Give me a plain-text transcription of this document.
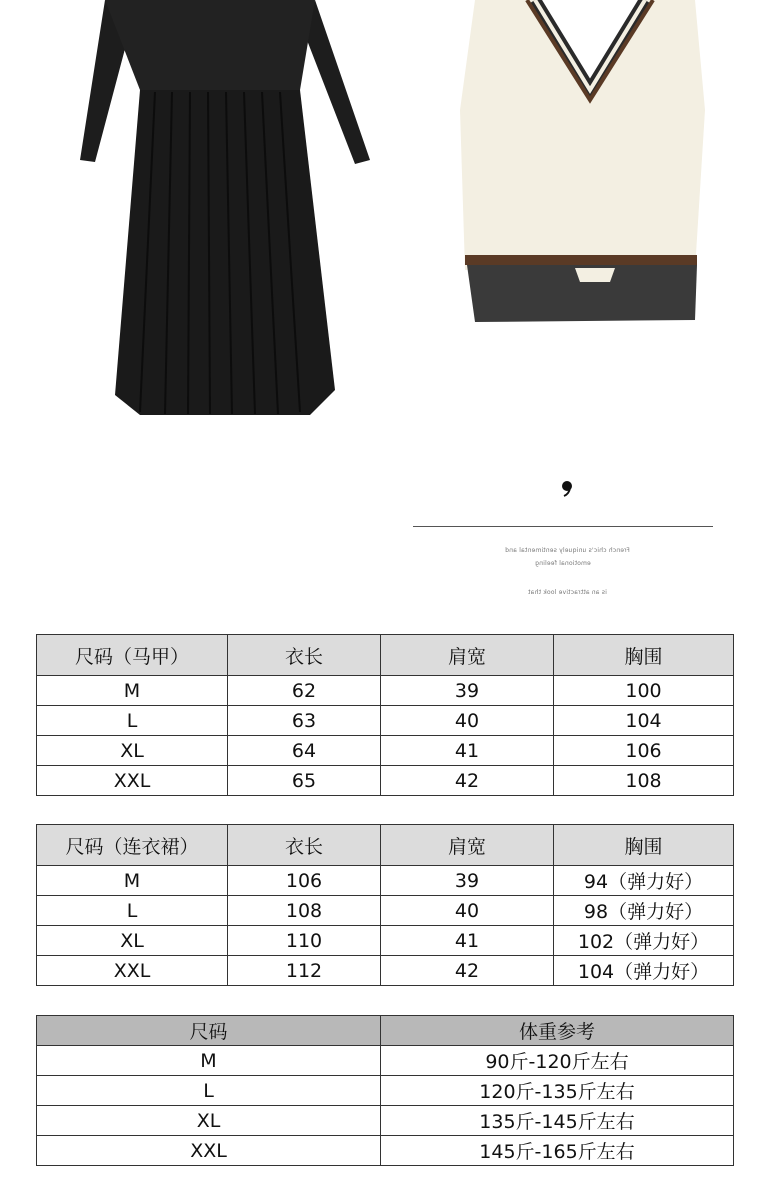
French chic's uniquely sentimental and
emotional feeling
is an attractive look that
尺码（马甲）	衣长	肩宽	胸围
M	62	39	100
L	63	40	104
XL	64	41	106
XXL	65	42	108
尺码（连衣裙）	衣长	肩宽	胸围
M	106	39	94（弹力好）
L	108	40	98（弹力好）
XL	110	41	102（弹力好）
XXL	112	42	104（弹力好）
尺码	体重参考
M	90斤-120斤左右
L	120斤-135斤左右
XL	135斤-145斤左右
XXL	145斤-165斤左右
